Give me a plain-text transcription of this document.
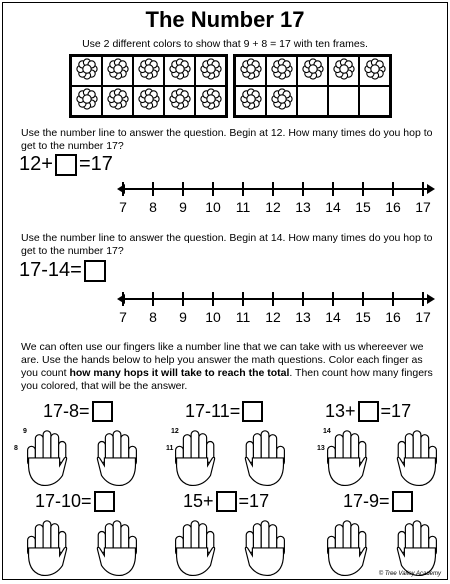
The Number 17
Use 2 different colors to show that 9 + 8 = 17 with ten frames.
Use the number line to answer the question. Begin at 12. How many times do you hop to get to the number 17?
12+ =17
7 8 9 10 11 12 13 14 15 16 17
Use the number line to answer the question. Begin at 14. How many times do you hop to get to the number 17?
17-14=
7 8 9 10 11 12 13 14 15 16 17
We can often use our fingers like a number line that we can take with us whereever we are. Use the hands below to help you answer the math questions. Color each finger as you count how many hops it will take to reach the total. Then count how many fingers you colored, that will be the answer.
17-8=	17-11=	13+ =17
17-10=	15+ =17	17-9=
9
8
12
11
14
13
© Tree Valley Academy
